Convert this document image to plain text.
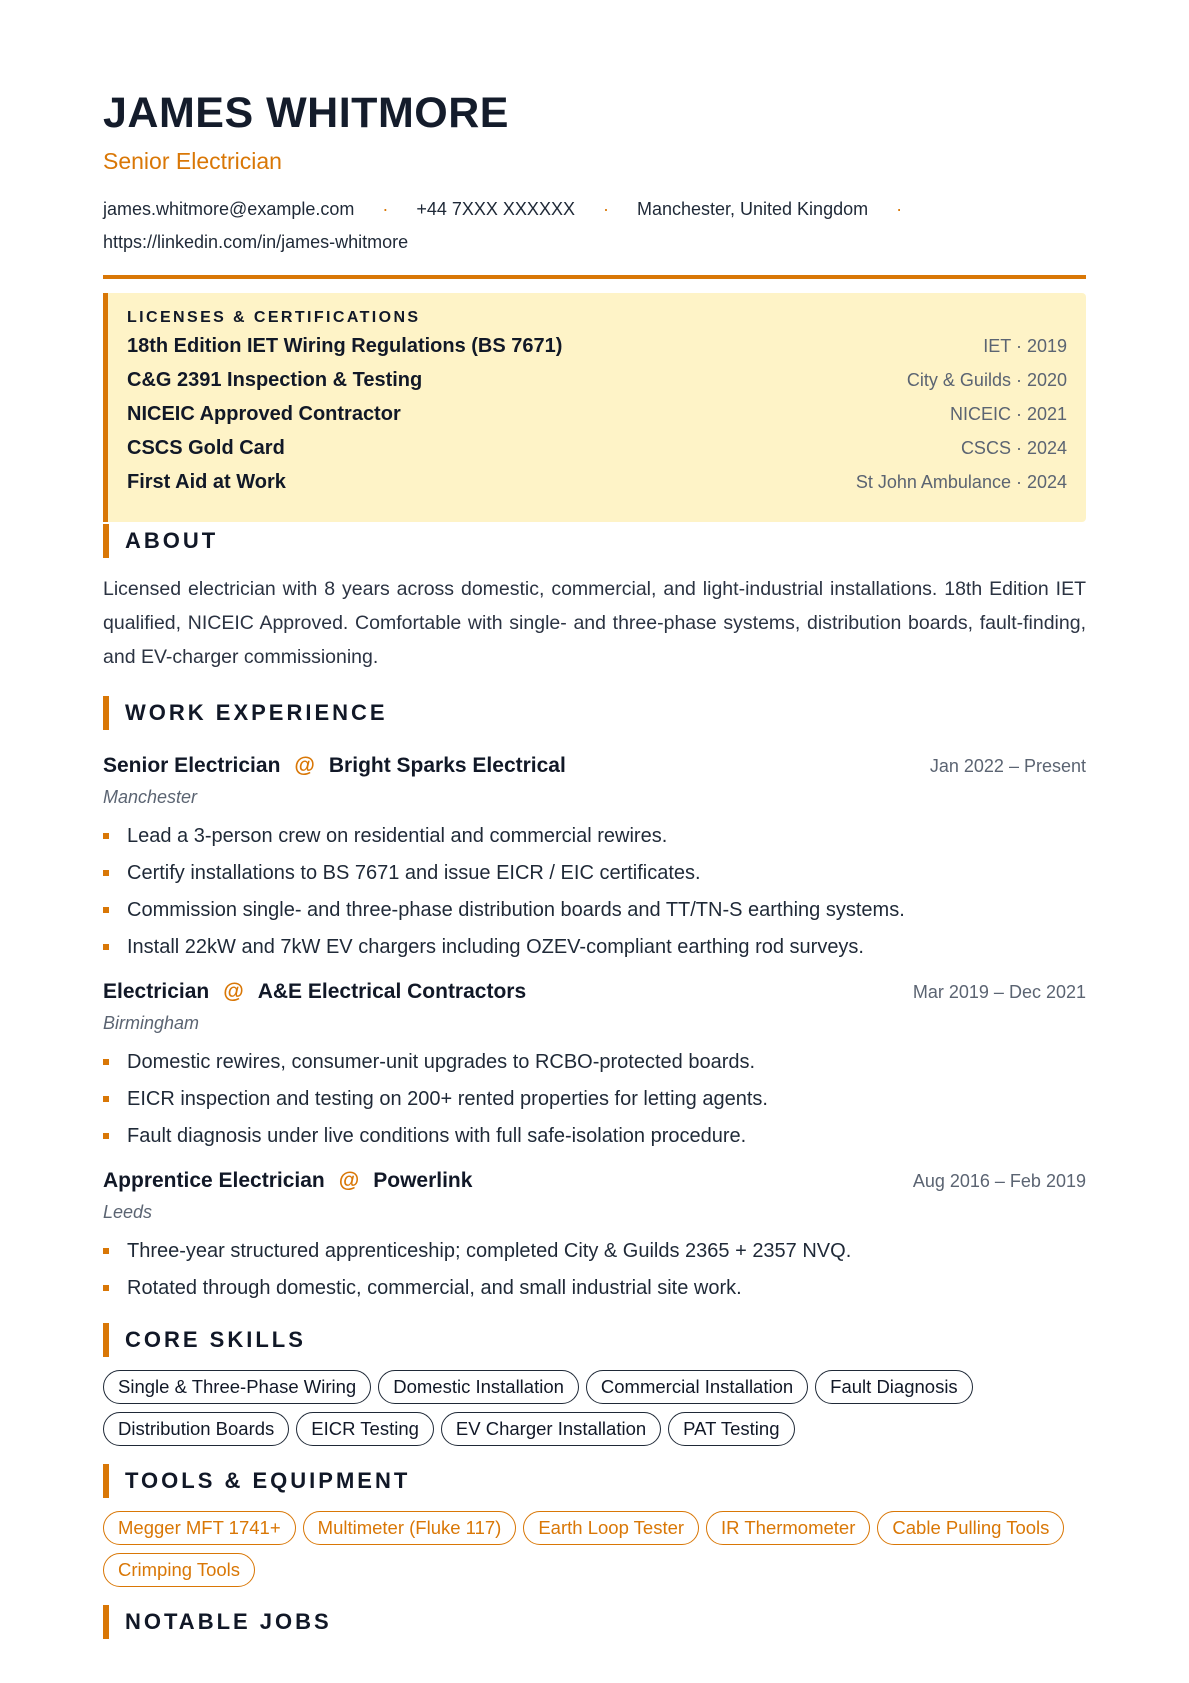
JAMES WHITMORE
Senior Electrician
james.whitmore@example.com · +44 7XXX XXXXXX · Manchester, United Kingdom ·
https://linkedin.com/in/james-whitmore
LICENSES & CERTIFICATIONS
18th Edition IET Wiring Regulations (BS 7671)	IET · 2019
C&G 2391 Inspection & Testing	City & Guilds · 2020
NICEIC Approved Contractor	NICEIC · 2021
CSCS Gold Card	CSCS · 2024
First Aid at Work	St John Ambulance · 2024
ABOUT

Licensed electrician with 8 years across domestic, commercial, and light-industrial installations. 18th Edition IET qualified, NICEIC Approved. Comfortable with single- and three-phase systems, distribution boards, fault-finding, and EV-charger commissioning.

WORK EXPERIENCE
Senior Electrician @ Bright Sparks Electrical	Jan 2022 – Present
Manchester
Lead a 3-person crew on residential and commercial rewires.
Certify installations to BS 7671 and issue EICR / EIC certificates.
Commission single- and three-phase distribution boards and TT/TN-S earthing systems.
Install 22kW and 7kW EV chargers including OZEV-compliant earthing rod surveys.
Electrician @ A&E Electrical Contractors	Mar 2019 – Dec 2021
Birmingham
Domestic rewires, consumer-unit upgrades to RCBO-protected boards.
EICR inspection and testing on 200+ rented properties for letting agents.
Fault diagnosis under live conditions with full safe-isolation procedure.
Apprentice Electrician @ Powerlink	Aug 2016 – Feb 2019
Leeds
Three-year structured apprenticeship; completed City & Guilds 2365 + 2357 NVQ.
Rotated through domestic, commercial, and small industrial site work.
CORE SKILLS
Single & Three-Phase Wiring	Domestic Installation	Commercial Installation	Fault Diagnosis
Distribution Boards	EICR Testing	EV Charger Installation	PAT Testing
TOOLS & EQUIPMENT
Megger MFT 1741+	Multimeter (Fluke 117)	Earth Loop Tester	IR Thermometer	Cable Pulling Tools
Crimping Tools
NOTABLE JOBS
